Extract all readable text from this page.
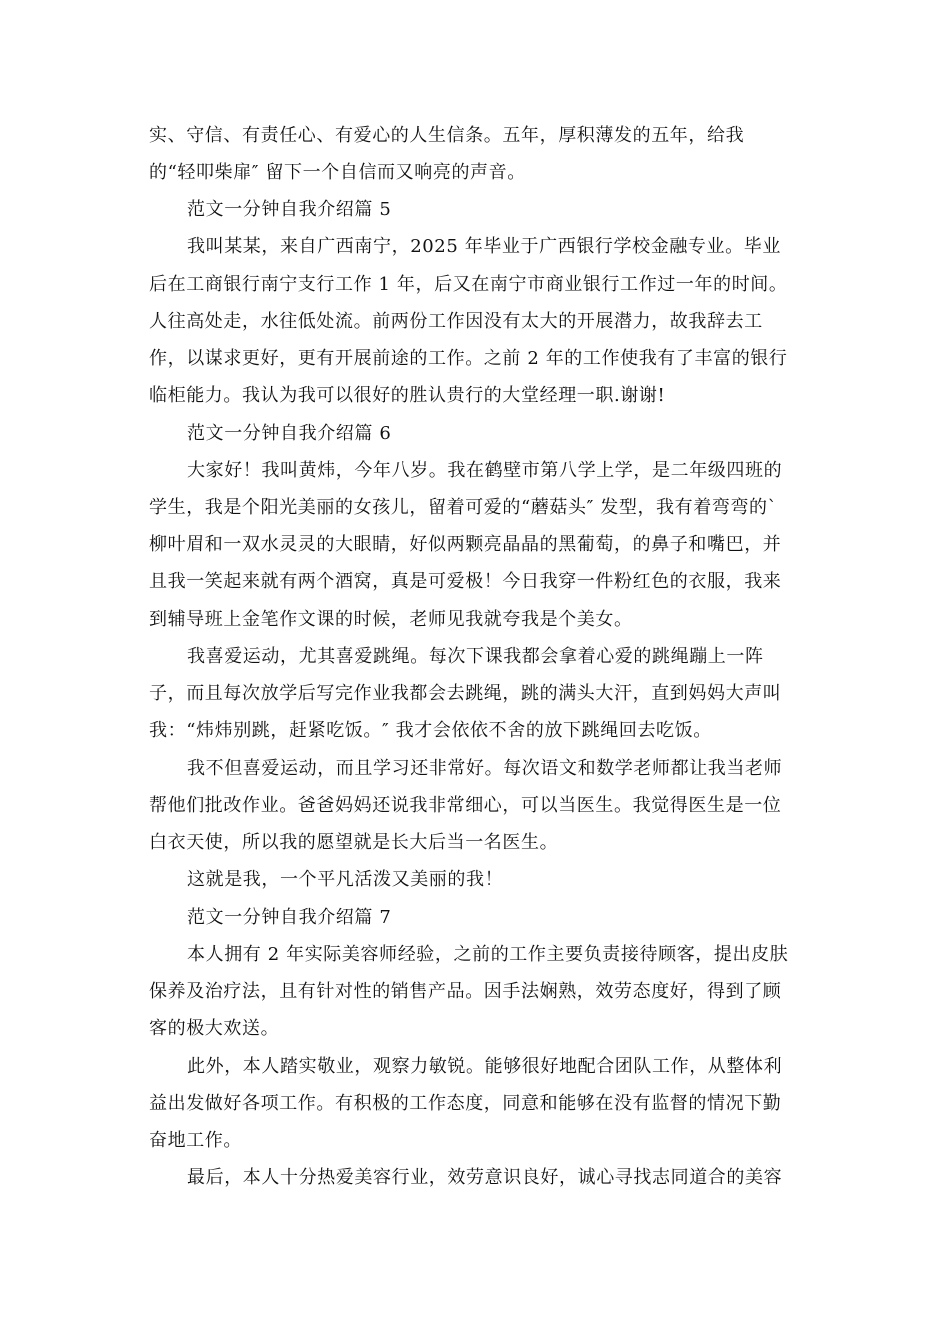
实、守信、有责任心、有爱心的人生信条。五年，厚积薄发的五年，给我
的“轻叩柴扉″ 留下一个自信而又响亮的声音。
范文一分钟自我介绍篇 5
我叫某某，来自广西南宁，2025 年毕业于广西银行学校金融专业。毕业
后在工商银行南宁支行工作 1 年，后又在南宁市商业银行工作过一年的时间。
人往高处走，水往低处流。前两份工作因没有太大的开展潜力，故我辞去工
作，以谋求更好，更有开展前途的工作。之前 2 年的工作使我有了丰富的银行
临柜能力。我认为我可以很好的胜认贵行的大堂经理一职.谢谢!
范文一分钟自我介绍篇 6
大家好！我叫黄炜，今年八岁。我在鹤壁市第八学上学，是二年级四班的
学生，我是个阳光美丽的女孩儿，留着可爱的“蘑菇头″ 发型，我有着弯弯的`
柳叶眉和一双水灵灵的大眼睛，好似两颗亮晶晶的黑葡萄，的鼻子和嘴巴，并
且我一笑起来就有两个酒窝，真是可爱极！今日我穿一件粉红色的衣服，我来
到辅导班上金笔作文课的时候，老师见我就夸我是个美女。
我喜爱运动，尤其喜爱跳绳。每次下课我都会拿着心爱的跳绳蹦上一阵
子，而且每次放学后写完作业我都会去跳绳，跳的满头大汗，直到妈妈大声叫
我：“炜炜别跳，赶紧吃饭。″ 我才会依依不舍的放下跳绳回去吃饭。
我不但喜爱运动，而且学习还非常好。每次语文和数学老师都让我当老师
帮他们批改作业。爸爸妈妈还说我非常细心，可以当医生。我觉得医生是一位
白衣天使，所以我的愿望就是长大后当一名医生。
这就是我，一个平凡活泼又美丽的我！
范文一分钟自我介绍篇 7
本人拥有 2 年实际美容师经验，之前的工作主要负责接待顾客，提出皮肤
保养及治疗法，且有针对性的销售产品。因手法娴熟，效劳态度好，得到了顾
客的极大欢送。
此外，本人踏实敬业，观察力敏锐。能够很好地配合团队工作，从整体利
益出发做好各项工作。有积极的工作态度，同意和能够在没有监督的情况下勤
奋地工作。
最后，本人十分热爱美容行业，效劳意识良好，诚心寻找志同道合的美容
